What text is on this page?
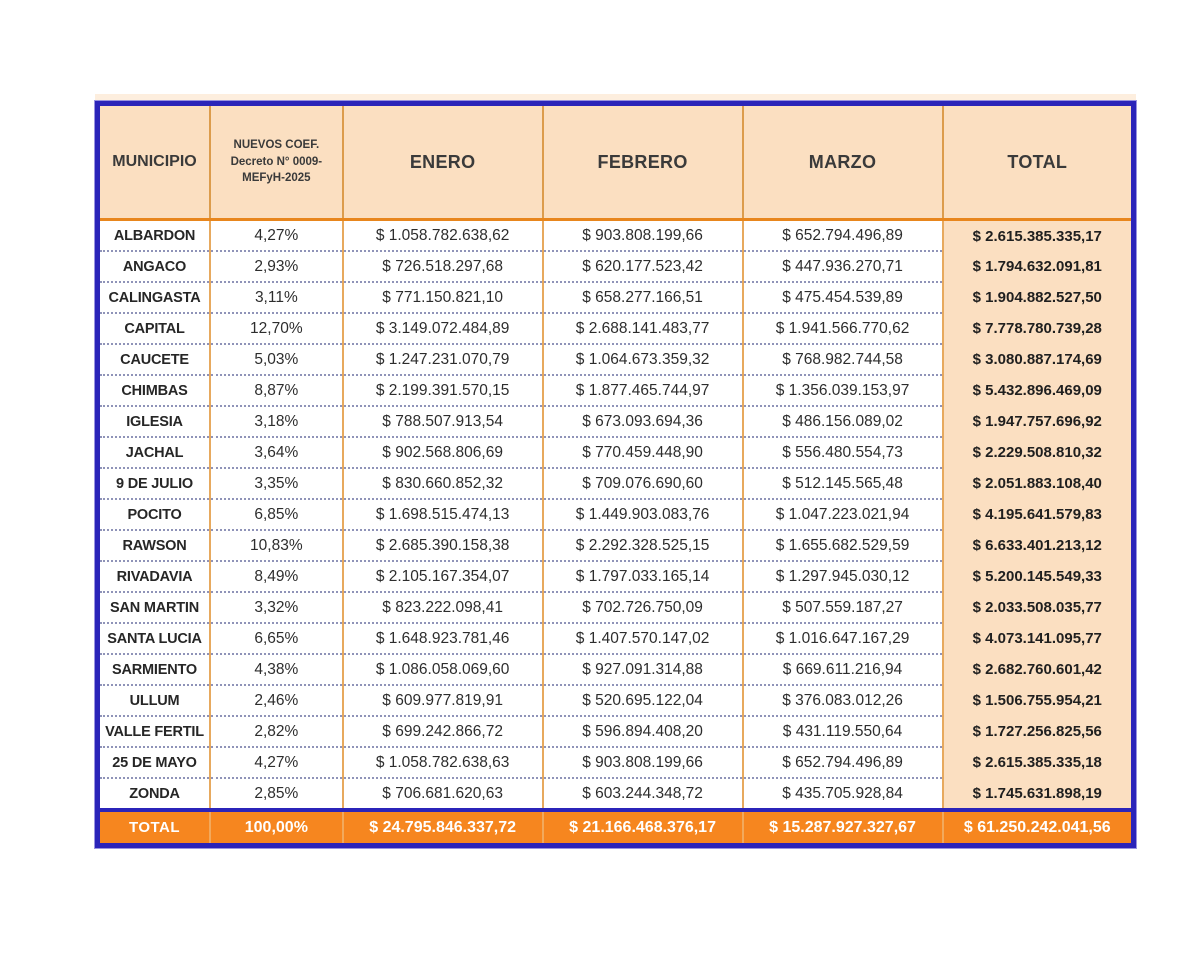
MUNICIPIO	NUEVOS COEF.
Decreto N° 0009-
MEFyH-2025	ENERO	FEBRERO	MARZO	TOTAL
ALBARDON	4,27%	$ 1.058.782.638,62	$ 903.808.199,66	$ 652.794.496,89	$ 2.615.385.335,17
ANGACO	2,93%	$ 726.518.297,68	$ 620.177.523,42	$ 447.936.270,71	$ 1.794.632.091,81
CALINGASTA	3,11%	$ 771.150.821,10	$ 658.277.166,51	$ 475.454.539,89	$ 1.904.882.527,50
CAPITAL	12,70%	$ 3.149.072.484,89	$ 2.688.141.483,77	$ 1.941.566.770,62	$ 7.778.780.739,28
CAUCETE	5,03%	$ 1.247.231.070,79	$ 1.064.673.359,32	$ 768.982.744,58	$ 3.080.887.174,69
CHIMBAS	8,87%	$ 2.199.391.570,15	$ 1.877.465.744,97	$ 1.356.039.153,97	$ 5.432.896.469,09
IGLESIA	3,18%	$ 788.507.913,54	$ 673.093.694,36	$ 486.156.089,02	$ 1.947.757.696,92
JACHAL	3,64%	$ 902.568.806,69	$ 770.459.448,90	$ 556.480.554,73	$ 2.229.508.810,32
9 DE JULIO	3,35%	$ 830.660.852,32	$ 709.076.690,60	$ 512.145.565,48	$ 2.051.883.108,40
POCITO	6,85%	$ 1.698.515.474,13	$ 1.449.903.083,76	$ 1.047.223.021,94	$ 4.195.641.579,83
RAWSON	10,83%	$ 2.685.390.158,38	$ 2.292.328.525,15	$ 1.655.682.529,59	$ 6.633.401.213,12
RIVADAVIA	8,49%	$ 2.105.167.354,07	$ 1.797.033.165,14	$ 1.297.945.030,12	$ 5.200.145.549,33
SAN MARTIN	3,32%	$ 823.222.098,41	$ 702.726.750,09	$ 507.559.187,27	$ 2.033.508.035,77
SANTA LUCIA	6,65%	$ 1.648.923.781,46	$ 1.407.570.147,02	$ 1.016.647.167,29	$ 4.073.141.095,77
SARMIENTO	4,38%	$ 1.086.058.069,60	$ 927.091.314,88	$ 669.611.216,94	$ 2.682.760.601,42
ULLUM	2,46%	$ 609.977.819,91	$ 520.695.122,04	$ 376.083.012,26	$ 1.506.755.954,21
VALLE FERTIL	2,82%	$ 699.242.866,72	$ 596.894.408,20	$ 431.119.550,64	$ 1.727.256.825,56
25 DE MAYO	4,27%	$ 1.058.782.638,63	$ 903.808.199,66	$ 652.794.496,89	$ 2.615.385.335,18
ZONDA	2,85%	$ 706.681.620,63	$ 603.244.348,72	$ 435.705.928,84	$ 1.745.631.898,19
TOTAL	100,00%	$ 24.795.846.337,72	$ 21.166.468.376,17	$ 15.287.927.327,67	$ 61.250.242.041,56
